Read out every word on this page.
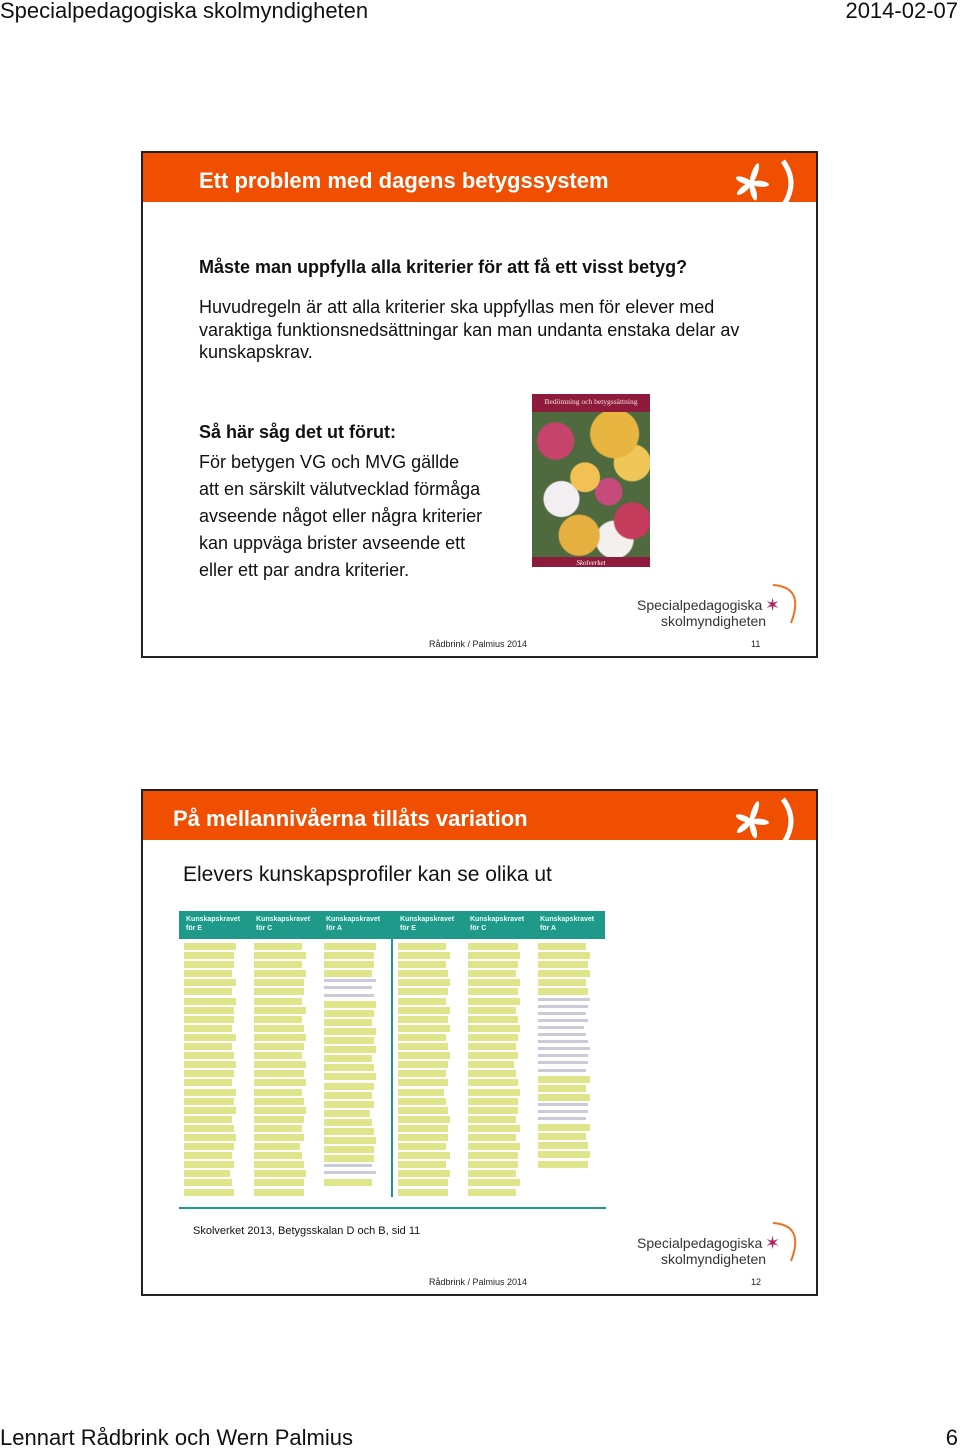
Specialpedagogiska skolmyndigheten	2014-02-07
Ett problem med dagens betygssystem
Måste man uppfylla alla kriterier för att få ett visst betyg?
Huvudregeln är att alla kriterier ska uppfyllas men för elever med varaktiga funktionsnedsättningar kan man undanta enstaka delar av kunskapskrav.
Så här såg det ut förut:
För betygen VG och MVG gällde
att en särskilt välutvecklad förmåga
avseende något eller några kriterier
kan uppväga brister avseende ett
eller ett par andra kriterier.
Bedömning och betygssättning
Skolverket
Specialpedagogiska
skolmyndigheten
✶
Rådbrink / Palmius 2014	11
På mellannivåerna tillåts variation
Elevers kunskapsprofiler kan se olika ut
Kunskapskravet för E
Kunskapskravet för C
Kunskapskravet för A
Kunskapskravet för E
Kunskapskravet för C
Kunskapskravet för A
Skolverket 2013, Betygsskalan D och B, sid 11
Specialpedagogiska
skolmyndigheten
✶
Rådbrink / Palmius 2014	12
Lennart Rådbrink och Wern Palmius	6
